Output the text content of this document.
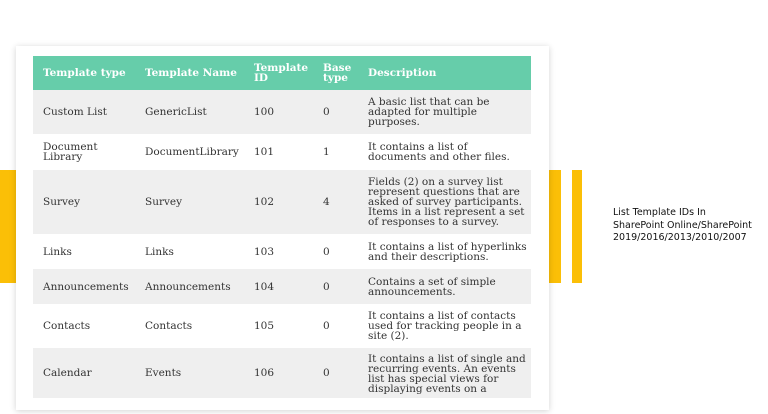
Template type	Template Name	Template ID	Base type	Description
Custom List	GenericList	100	0	A basic list that can be adapted for multiple purposes.
Document Library	DocumentLibrary	101	1	It contains a list of documents and other files.
Survey	Survey	102	4	Fields (2) on a survey list represent questions that are asked of survey participants. Items in a list represent a set of responses to a survey.
Links	Links	103	0	It contains a list of hyperlinks and their descriptions.
Announcements	Announcements	104	0	Contains a set of simple announcements.
Contacts	Contacts	105	0	It contains a list of contacts used for tracking people in a site (2).
Calendar	Events	106	0	It contains a list of single and recurring events. An events list has special views for displaying events on a
List Template IDs In
SharePoint Online/SharePoint
2019/2016/2013/2010/2007
